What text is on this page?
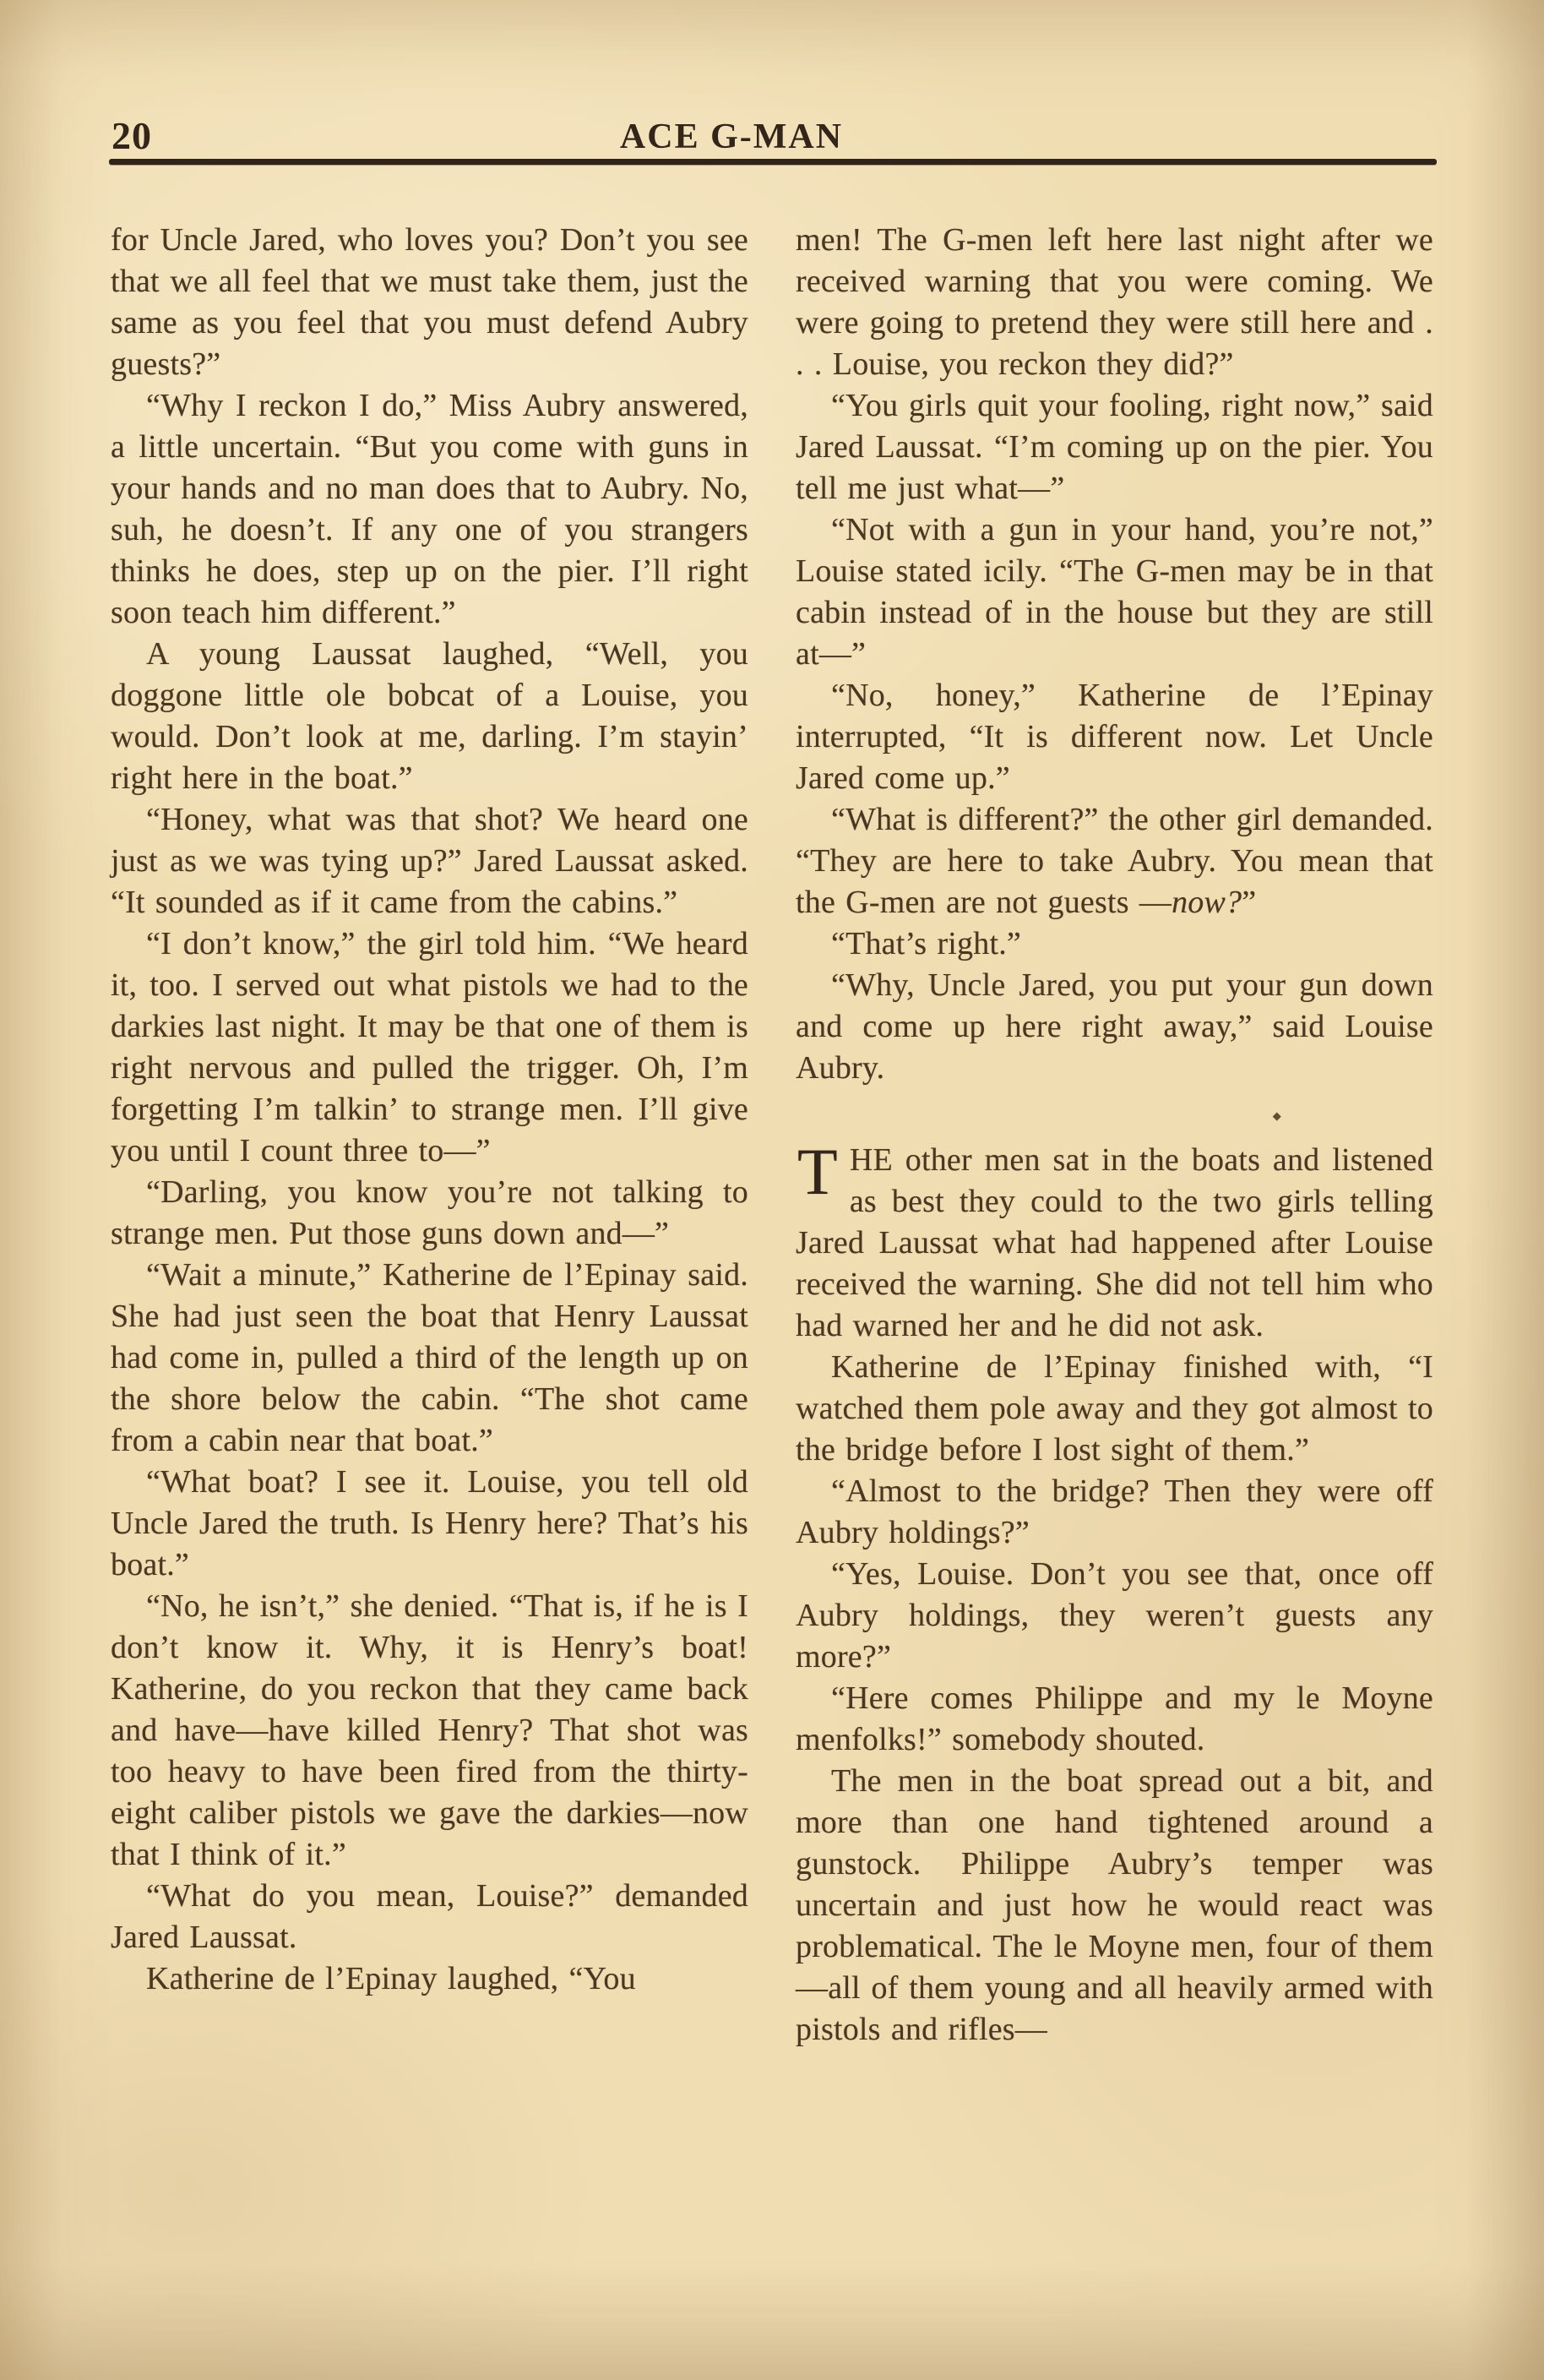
20	ACE G-MAN

for Uncle Jared, who loves you? Don’t you see that we all feel that we must take them, just the same as you feel that you must defend Aubry guests?”

“Why I reckon I do,” Miss Aubry answered, a little uncertain. “But you come with guns in your hands and no man does that to Aubry. No, suh, he doesn’t. If any one of you strangers thinks he does, step up on the pier. I’ll right soon teach him different.”

A young Laussat laughed, “Well, you doggone little ole bobcat of a Louise, you would. Don’t look at me, darling. I’m stayin’ right here in the boat.”

“Honey, what was that shot? We heard one just as we was tying up?” Jared Laussat asked. “It sounded as if it came from the cabins.”

“I don’t know,” the girl told him. “We heard it, too. I served out what pistols we had to the darkies last night. It may be that one of them is right nervous and pulled the trigger. Oh, I’m forgetting I’m talkin’ to strange men. I’ll give you until I count three to—”

“Darling, you know you’re not talking to strange men. Put those guns down and—”

“Wait a minute,” Katherine de l’Epinay said. She had just seen the boat that Henry Laussat had come in, pulled a third of the length up on the shore below the cabin. “The shot came from a cabin near that boat.”

“What boat? I see it. Louise, you tell old Uncle Jared the truth. Is Henry here? That’s his boat.”

“No, he isn’t,” she denied. “That is, if he is I don’t know it. Why, it is Henry’s boat! Katherine, do you reckon that they came back and have—have killed Henry? That shot was too heavy to have been fired from the thirty-eight caliber pistols we gave the darkies—now that I think of it.”

“What do you mean, Louise?” demanded Jared Laussat.

Katherine de l’Epinay laughed, “You

men! The G-men left here last night after we received warning that you were coming. We were going to pretend they were still here and . . . Louise, you reckon they did?”

“You girls quit your fooling, right now,” said Jared Laussat. “I’m coming up on the pier. You tell me just what—”

“Not with a gun in your hand, you’re not,” Louise stated icily. “The G-men may be in that cabin instead of in the house but they are still at—”

“No, honey,” Katherine de l’Epinay interrupted, “It is different now. Let Uncle Jared come up.”

“What is different?” the other girl demanded. “They are here to take Aubry. You mean that the G-men are not guests —now?”

“That’s right.”

“Why, Uncle Jared, you put your gun down and come up here right away,” said Louise Aubry.

◆

THE other men sat in the boats and listened as best they could to the two girls telling Jared Laussat what had happened after Louise received the warning. She did not tell him who had warned her and he did not ask.

Katherine de l’Epinay finished with, “I watched them pole away and they got almost to the bridge before I lost sight of them.”

“Almost to the bridge? Then they were off Aubry holdings?”

“Yes, Louise. Don’t you see that, once off Aubry holdings, they weren’t guests any more?”

“Here comes Philippe and my le Moyne menfolks!” somebody shouted.

The men in the boat spread out a bit, and more than one hand tightened around a gunstock. Philippe Aubry’s temper was uncertain and just how he would react was problematical. The le Moyne men, four of them—all of them young and all heavily armed with pistols and rifles—
